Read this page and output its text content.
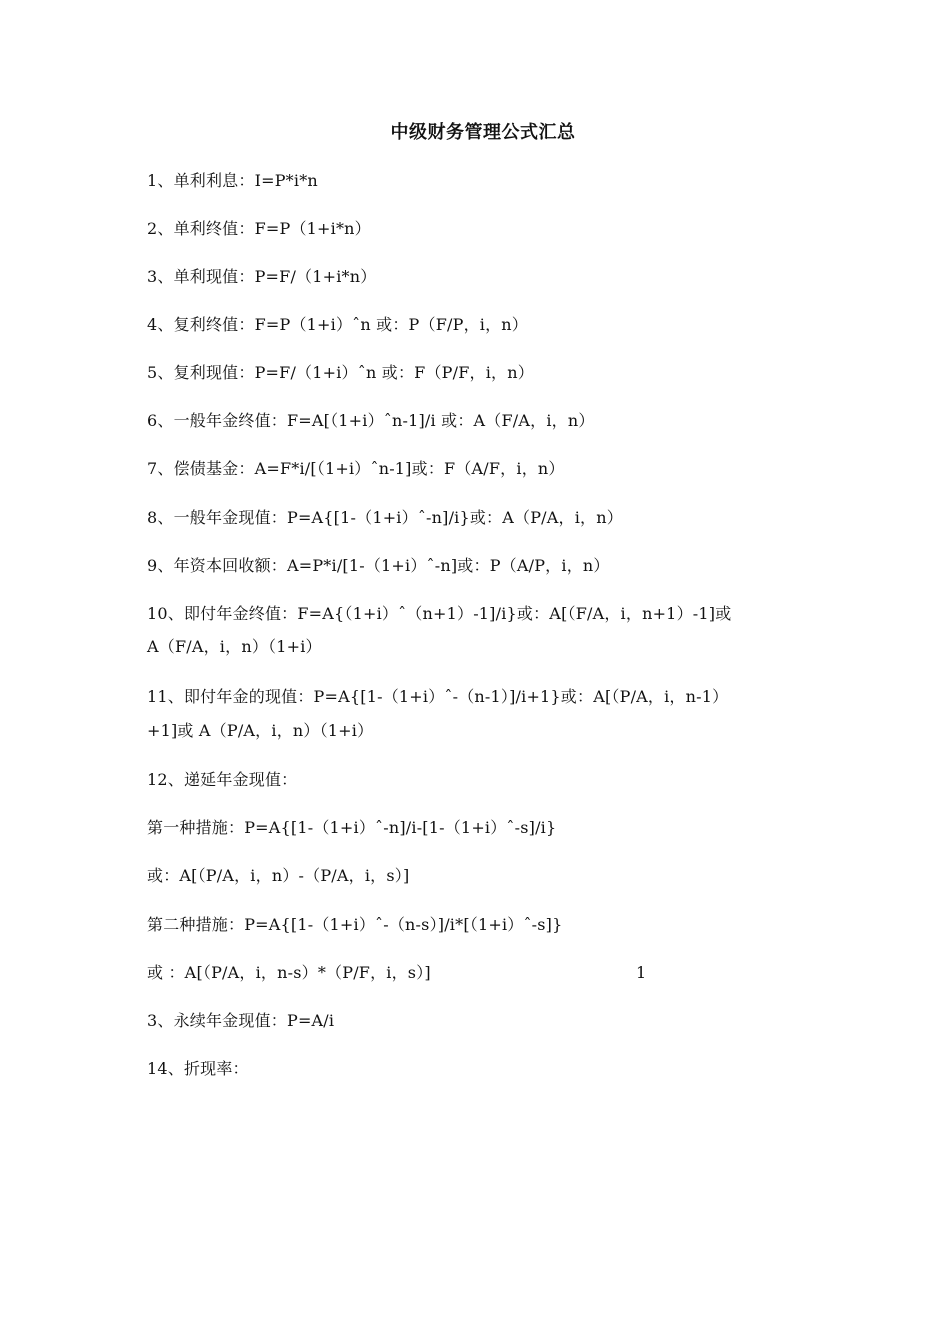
中级财务管理公式汇总
1、单利利息：I=P*i*n
2、单利终值：F=P（1+i*n）
3、单利现值：P=F/（1+i*n）
4、复利终值：F=P（1+i）ˆn 或：P（F/P，i，n）
5、复利现值：P=F/（1+i）ˆn 或：F（P/F，i，n）
6、一般年金终值：F=A[（1+i）ˆn-1]/i 或：A（F/A，i，n）
7、偿债基金：A=F*i/[（1+i）ˆn-1]或：F（A/F，i，n）
8、一般年金现值：P=A{[1-（1+i）ˆ-n]/i}或：A（P/A，i，n）
9、年资本回收额：A=P*i/[1-（1+i）ˆ-n]或：P（A/P，i，n）
10、即付年金终值：F=A{（1+i）ˆ（n+1）-1]/i}或：A[（F/A，i，n+1）-1]或
A（F/A，i，n）（1+i）
11、即付年金的现值：P=A{[1-（1+i）ˆ-（n-1）]/i+1}或：A[（P/A，i，n-1）
+1]或 A（P/A，i，n）（1+i）
12、递延年金现值：
第一种措施：P=A{[1-（1+i）ˆ-n]/i-[1-（1+i）ˆ-s]/i}
或：A[（P/A，i，n）-（P/A，i，s）]
第二种措施：P=A{[1-（1+i）ˆ-（n-s）]/i*[（1+i）ˆ-s]}
或 ：A[（P/A，i，n-s）*（P/F，i，s）]	1
3、永续年金现值：P=A/i
14、折现率：
